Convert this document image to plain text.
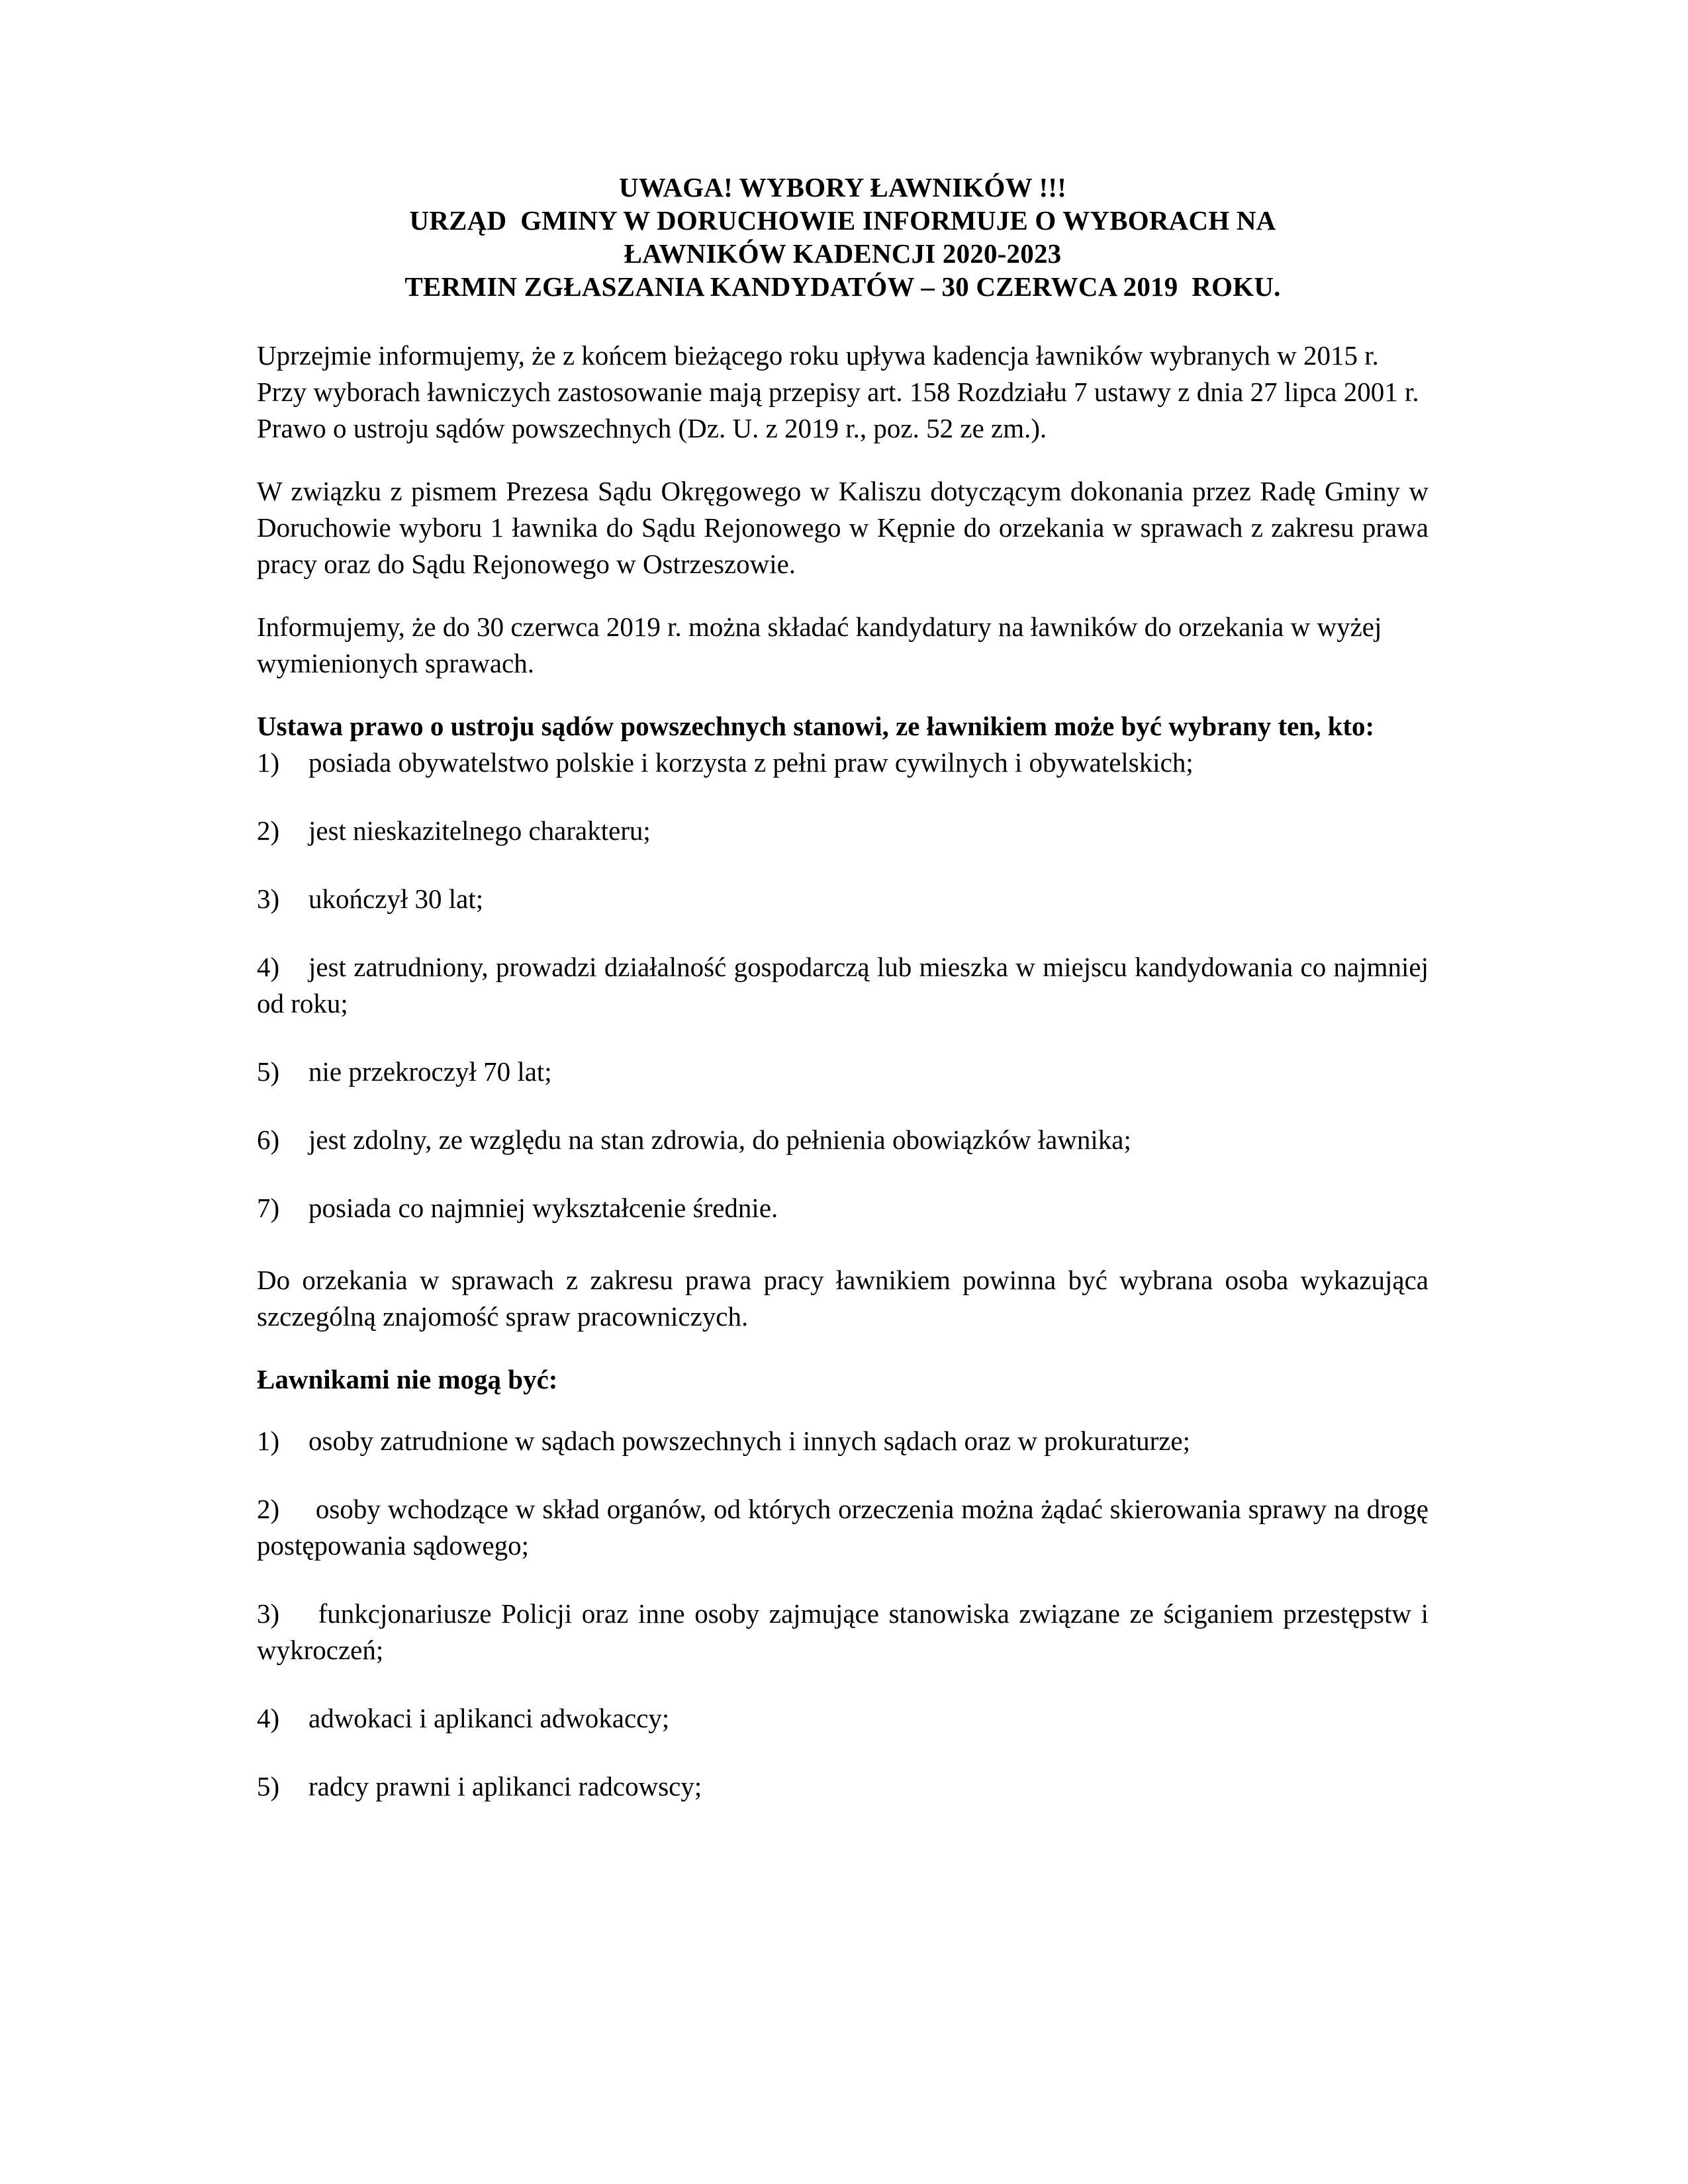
UWAGA! WYBORY ŁAWNIKÓW !!!
URZĄD  GMINY W DORUCHOWIE INFORMUJE O WYBORACH NA
ŁAWNIKÓW KADENCJI 2020-2023
TERMIN ZGŁASZANIA KANDYDATÓW – 30 CZERWCA 2019  ROKU.

Uprzejmie informujemy, że z końcem bieżącego roku upływa kadencja ławników wybranych w 2015 r. Przy wyborach ławniczych zastosowanie mają przepisy art. 158 Rozdziału 7 ustawy z dnia 27 lipca 2001 r. Prawo o ustroju sądów powszechnych (Dz. U. z 2019 r., poz. 52 ze zm.).

W związku z pismem Prezesa Sądu Okręgowego w Kaliszu dotyczącym dokonania przez Radę Gminy w Doruchowie wyboru 1 ławnika do Sądu Rejonowego w Kępnie do orzekania w sprawach z zakresu prawa pracy oraz do Sądu Rejonowego w Ostrzeszowie.

Informujemy, że do 30 czerwca 2019 r. można składać kandydatury na ławników do orzekania w wyżej wymienionych sprawach.

Ustawa prawo o ustroju sądów powszechnych stanowi, ze ławnikiem może być wybrany ten, kto:

1) posiada obywatelstwo polskie i korzysta z pełni praw cywilnych i obywatelskich;
2) jest nieskazitelnego charakteru;
3) ukończył 30 lat;
4) jest zatrudniony, prowadzi działalność gospodarczą lub mieszka w miejscu kandydowania co najmniej od roku;
5) nie przekroczył 70 lat;
6) jest zdolny, ze względu na stan zdrowia, do pełnienia obowiązków ławnika;
7) posiada co najmniej wykształcenie średnie.

Do orzekania w sprawach z zakresu prawa pracy ławnikiem powinna być wybrana osoba wykazująca szczególną znajomość spraw pracowniczych.

Ławnikami nie mogą być:

1) osoby zatrudnione w sądach powszechnych i innych sądach oraz w prokuraturze;
2) osoby wchodzące w skład organów, od których orzeczenia można żądać skierowania sprawy na drogę postępowania sądowego;
3) funkcjonariusze Policji oraz inne osoby zajmujące stanowiska związane ze ściganiem przestępstw i wykroczeń;
4) adwokaci i aplikanci adwokaccy;
5) radcy prawni i aplikanci radcowscy;
